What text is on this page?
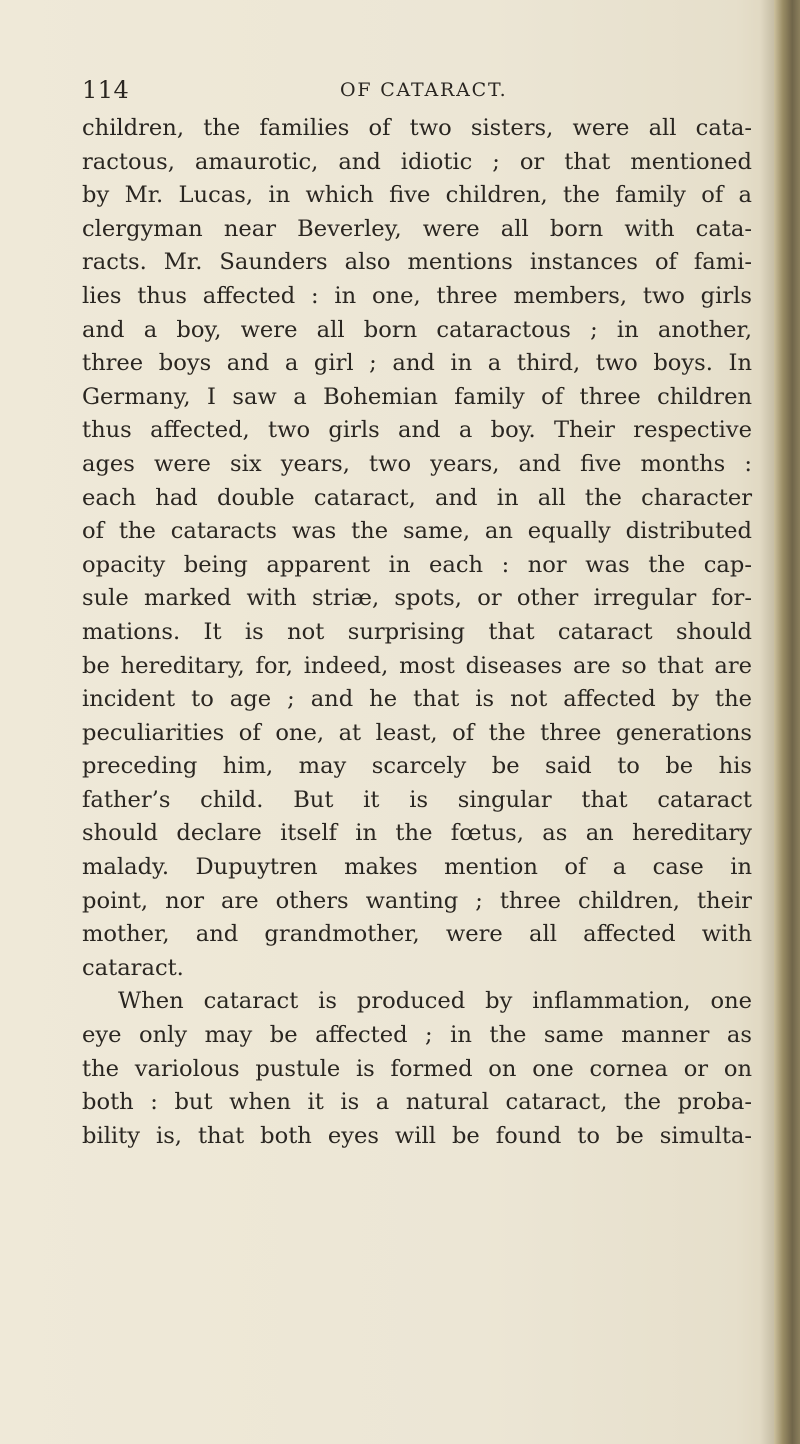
114	OF CATARACT.
children, the families of two sisters, were all cata-
ractous, amaurotic, and idiotic ; or that mentioned
by Mr. Lucas, in which five children, the family of a
clergyman near Beverley, were all born with cata-
racts. Mr. Saunders also mentions instances of fami-
lies thus affected : in one, three members, two girls
and a boy, were all born cataractous ; in another,
three boys and a girl ; and in a third, two boys. In
Germany, I saw a Bohemian family of three children
thus affected, two girls and a boy. Their respective
ages were six years, two years, and five months :
each had double cataract, and in all the character
of the cataracts was the same, an equally distributed
opacity being apparent in each : nor was the cap-
sule marked with striæ, spots, or other irregular for-
mations. It is not surprising that cataract should
be hereditary, for, indeed, most diseases are so that are
incident to age ; and he that is not affected by the
peculiarities of one, at least, of the three generations
preceding him, may scarcely be said to be his
father’s child. But it is singular that cataract
should declare itself in the fœtus, as an hereditary
malady. Dupuytren makes mention of a case in
point, nor are others wanting ; three children, their
mother, and grandmother, were all affected with
cataract.
When cataract is produced by inflammation, one
eye only may be affected ; in the same manner as
the variolous pustule is formed on one cornea or on
both : but when it is a natural cataract, the proba-
bility is, that both eyes will be found to be simulta-
